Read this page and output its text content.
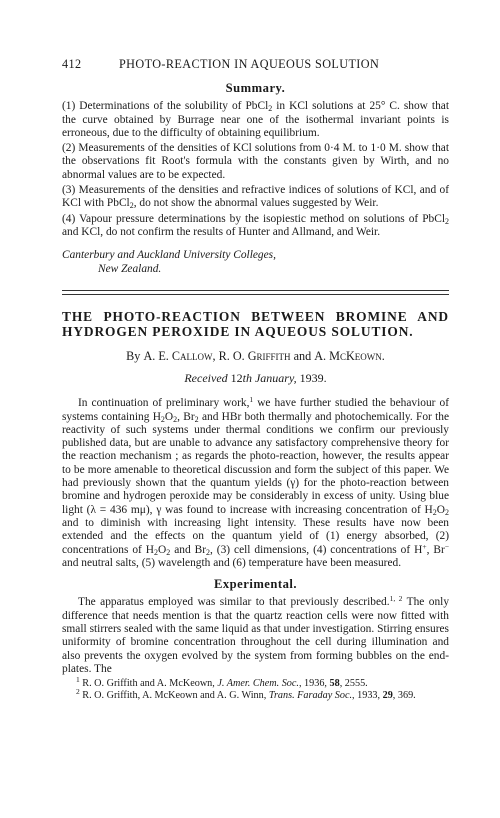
412	PHOTO-REACTION IN AQUEOUS SOLUTION
Summary.

(1) Determinations of the solubility of PbCl$_2$ in KCl solutions at 25° C. show that the curve obtained by Burrage near one of the isothermal invariant points is erroneous, due to the difficulty of obtaining equilibrium.

(2) Measurements of the densities of KCl solutions from 0·4 M. to 1·0 M. show that the observations fit Root's formula with the constants given by Wirth, and no abnormal values are to be expected.

(3) Measurements of the densities and refractive indices of solutions of KCl, and of KCl with PbCl$_2$, do not show the abnormal values suggested by Weir.

(4) Vapour pressure determinations by the isopiestic method on solutions of PbCl$_2$ and KCl, do not confirm the results of Hunter and Allmand, and Weir.

Canterbury and Auckland University Colleges,
New Zealand.
THE PHOTO-REACTION BETWEEN BROMINE AND HYDROGEN PEROXIDE IN AQUEOUS SOLUTION.
By A. E. Callow, R. O. Griffith and A. McKeown.
Received 12th January, 1939.

In continuation of preliminary work,$^1$ we have further studied the behaviour of systems containing $H_2O_2$, $Br_2$ and HBr both thermally and photochemically. For the reactivity of such systems under thermal conditions we confirm our previously published data, but are unable to advance any satisfactory comprehensive theory for the reaction mechanism ; as regards the photo-reaction, however, the results appear to be more amenable to theoretical discussion and form the subject of this paper. We had previously shown that the quantum yields (γ) for the photo-reaction between bromine and hydrogen peroxide may be considerably in excess of unity. Using blue light (λ = 436 mμ), γ was found to increase with increasing concentration of $H_2O_2$ and to diminish with increasing light intensity. These results have now been extended and the effects on the quantum yield of (1) energy absorbed, (2) concentrations of $H_2O_2$ and $Br_2$, (3) cell dimensions, (4) concentrations of H+, Br− and neutral salts, (5) wavelength and (6) temperature have been measured.

Experimental.

The apparatus employed was similar to that previously described.$^{1, 2}$ The only difference that needs mention is that the quartz reaction cells were now fitted with small stirrers sealed with the same liquid as that under investigation. Stirring ensures uniformity of bromine concentration throughout the cell during illumination and also prevents the oxygen evolved by the system from forming bubbles on the end-plates. The

$^1$ R. O. Griffith and A. McKeown, J. Amer. Chem. Soc., 1936, 58, 2555.

$^2$ R. O. Griffith, A. McKeown and A. G. Winn, Trans. Faraday Soc., 1933, 29, 369.
